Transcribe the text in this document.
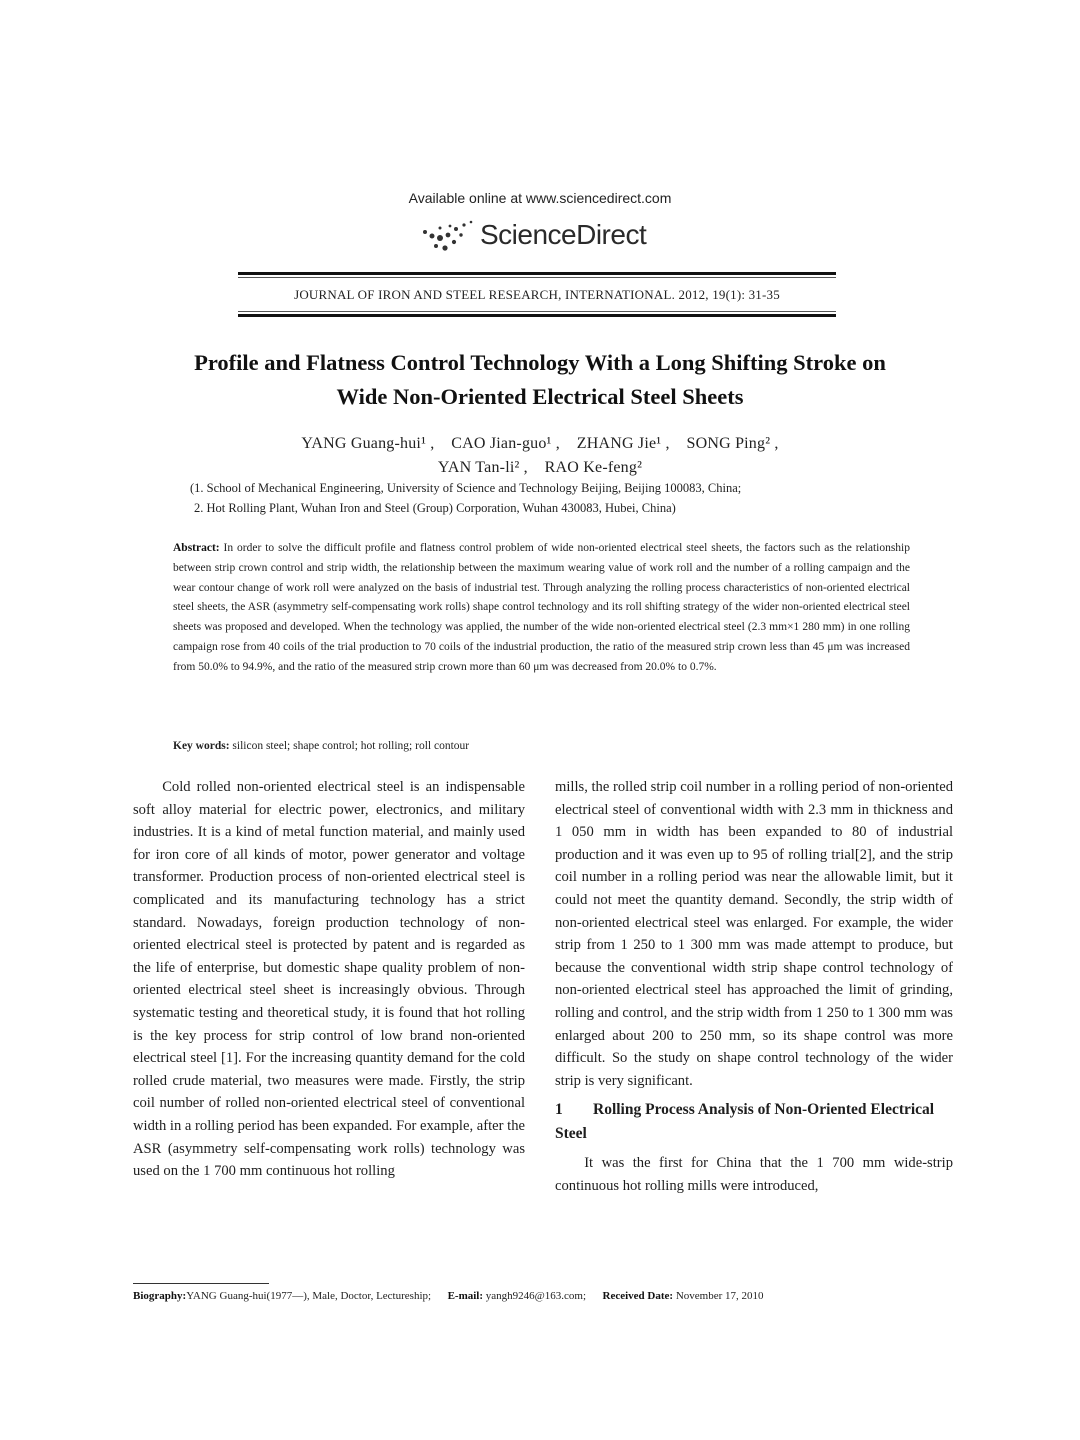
Available online at www.sciencedirect.com
ScienceDirect
JOURNAL OF IRON AND STEEL RESEARCH, INTERNATIONAL. 2012, 19(1): 31-35
Profile and Flatness Control Technology With a Long Shifting Stroke on
Wide Non-Oriented Electrical Steel Sheets
YANG Guang-hui¹ ,    CAO Jian-guo¹ ,    ZHANG Jie¹ ,    SONG Ping² ,
YAN Tan-li² ,    RAO Ke-feng²
(1. School of Mechanical Engineering, University of Science and Technology Beijing, Beijing 100083, China;
2. Hot Rolling Plant, Wuhan Iron and Steel (Group) Corporation, Wuhan 430083, Hubei, China)
Abstract: In order to solve the difficult profile and flatness control problem of wide non-oriented electrical steel sheets, the factors such as the relationship between strip crown control and strip width, the relationship between the maximum wearing value of work roll and the number of a rolling campaign and the wear contour change of work roll were analyzed on the basis of industrial test. Through analyzing the rolling process characteristics of non-oriented electrical steel sheets, the ASR (asymmetry self-compensating work rolls) shape control technology and its roll shifting strategy of the wider non-oriented electrical steel sheets was proposed and developed. When the technology was applied, the number of the wide non-oriented electrical steel (2.3 mm×1 280 mm) in one rolling campaign rose from 40 coils of the trial production to 70 coils of the industrial production, the ratio of the measured strip crown less than 45 μm was increased from 50.0% to 94.9%, and the ratio of the measured strip crown more than 60 μm was decreased from 20.0% to 0.7%.
Key words: silicon steel; shape control; hot rolling; roll contour

Cold rolled non-oriented electrical steel is an indispensable soft alloy material for electric power, electronics, and military industries. It is a kind of metal function material, and mainly used for iron core of all kinds of motor, power generator and voltage transformer. Production process of non-oriented electrical steel is complicated and its manufacturing technology has a strict standard. Nowadays, foreign production technology of non-oriented electrical steel is protected by patent and is regarded as the life of enterprise, but domestic shape quality problem of non-oriented electrical steel sheet is increasingly obvious. Through systematic testing and theoretical study, it is found that hot rolling is the key process for strip control of low brand non-oriented electrical steel [1]. For the increasing quantity demand for the cold rolled crude material, two measures were made. Firstly, the strip coil number of rolled non-oriented electrical steel of conventional width in a rolling period has been expanded. For example, after the ASR (asymmetry self-compensating work rolls) technology was used on the 1 700 mm continuous hot rolling

mills, the rolled strip coil number in a rolling period of non-oriented electrical steel of conventional width with 2.3 mm in thickness and 1 050 mm in width has been expanded to 80 of industrial production and it was even up to 95 of rolling trial[2], and the strip coil number in a rolling period was near the allowable limit, but it could not meet the quantity demand. Secondly, the strip width of non-oriented electrical steel was enlarged. For example, the wider strip from 1 250 to 1 300 mm was made attempt to produce, but because the conventional width strip shape control technology of non-oriented electrical steel has approached the limit of grinding, rolling and control, and the strip width from 1 250 to 1 300 mm was enlarged about 200 to 250 mm, so its shape control was more difficult. So the study on shape control technology of the wider strip is very significant.

1 Rolling Process Analysis of Non-Oriented Electrical Steel

It was the first for China that the 1 700 mm wide-strip continuous hot rolling mills were introduced,

Biography:YANG Guang-hui(1977—), Male, Doctor, Lectureship; E-mail: yangh9246@163.com; Received Date: November 17, 2010
